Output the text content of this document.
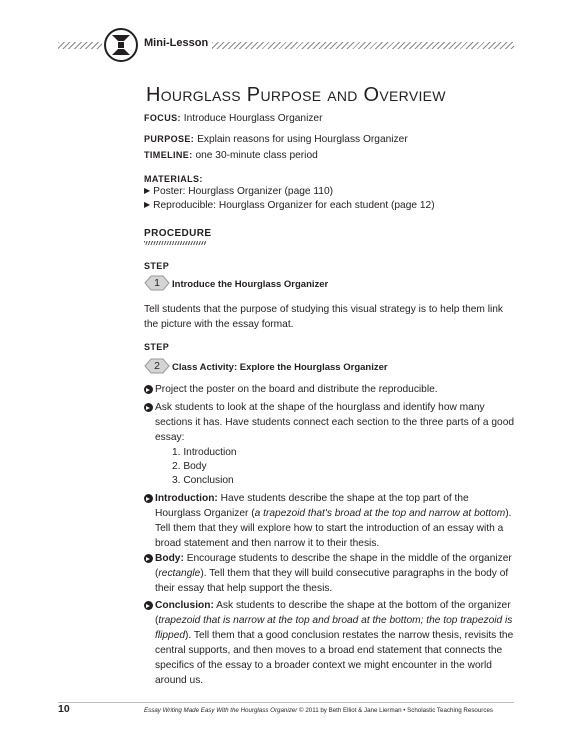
Mini-Lesson
Hourglass Purpose and Overview
FOCUS: Introduce Hourglass Organizer
PURPOSE: Explain reasons for using Hourglass Organizer
TIMELINE: one 30-minute class period
MATERIALS:
▶ Poster: Hourglass Organizer (page 110)
▶ Reproducible: Hourglass Organizer for each student (page 12)
PROCEDURE
STEP
1 Introduce the Hourglass Organizer
Tell students that the purpose of studying this visual strategy is to help them link the picture with the essay format.
STEP
2 Class Activity: Explore the Hourglass Organizer
Project the poster on the board and distribute the reproducible.
Ask students to look at the shape of the hourglass and identify how many sections it has. Have students connect each section to the three parts of a good essay:
1. Introduction
2. Body
3. Conclusion
Introduction: Have students describe the shape at the top part of the Hourglass Organizer (a trapezoid that's broad at the top and narrow at bottom). Tell them that they will explore how to start the introduction of an essay with a broad statement and then narrow it to their thesis.
Body: Encourage students to describe the shape in the middle of the organizer (rectangle). Tell them that they will build consecutive paragraphs in the body of their essay that help support the thesis.
Conclusion: Ask students to describe the shape at the bottom of the organizer (trapezoid that is narrow at the top and broad at the bottom; the top trapezoid is flipped). Tell them that a good conclusion restates the narrow thesis, revisits the central supports, and then moves to a broad end statement that connects the specifics of the essay to a broader context we might encounter in the world around us.
10	Essay Writing Made Easy With the Hourglass Organizer © 2011 by Beth Elliot & Jane Lierman • Scholastic Teaching Resources
